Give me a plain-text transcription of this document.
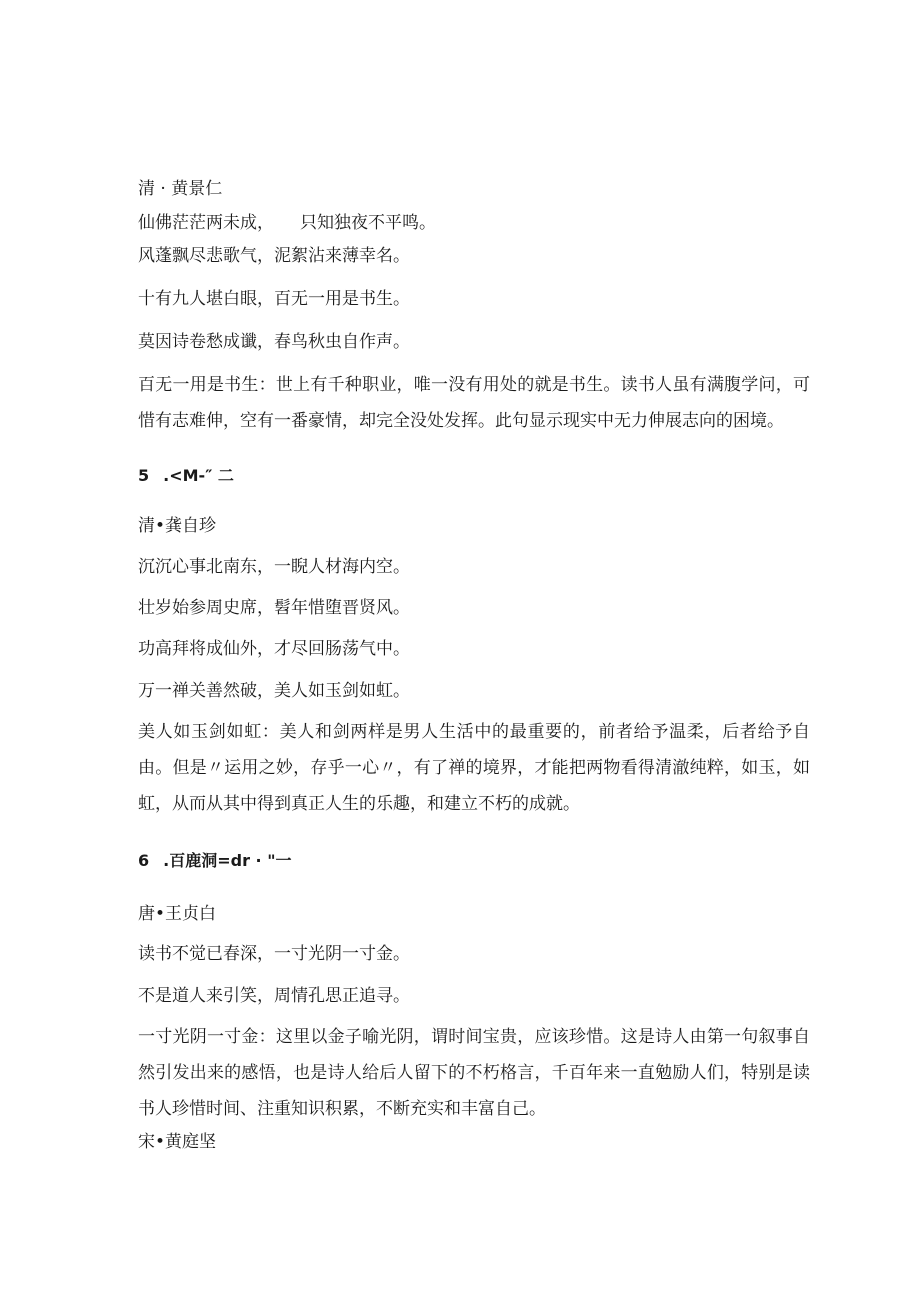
清 · 黄景仁

仙佛茫茫两未成， 只知独夜不平鸣。

风蓬飘尽悲歌气，泥絮沾来薄幸名。

十有九人堪白眼，百无一用是书生。

莫因诗卷愁成谶，春鸟秋虫自作声。

百无一用是书生：世上有千种职业，唯一没有用处的就是书生。读书人虽有满腹学问，可惜有志难伸，空有一番豪情，却完全没处发挥。此句显示现实中无力伸展志向的困境。

5 .<M-″ 二

清•龚自珍

沉沉心事北南东，一睨人材海内空。

壮岁始参周史席，髫年惜堕晋贤风。

功高拜将成仙外，才尽回肠荡气中。

万一禅关善然破，美人如玉剑如虹。

美人如玉剑如虹：美人和剑两样是男人生活中的最重要的，前者给予温柔，后者给予自由。但是〃运用之妙，存乎一心〃，有了禅的境界，才能把两物看得清澈纯粹，如玉，如虹，从而从其中得到真正人生的乐趣，和建立不朽的成就。

6 .百鹿洞=dr · "一

唐•王贞白

读书不觉已春深，一寸光阴一寸金。

不是道人来引笑，周情孔思正追寻。

一寸光阴一寸金：这里以金子喻光阴，谓时间宝贵，应该珍惜。这是诗人由第一句叙事自然引发出来的感悟，也是诗人给后人留下的不朽格言，千百年来一直勉励人们，特别是读书人珍惜时间、注重知识积累，不断充实和丰富自己。

宋•黄庭坚
